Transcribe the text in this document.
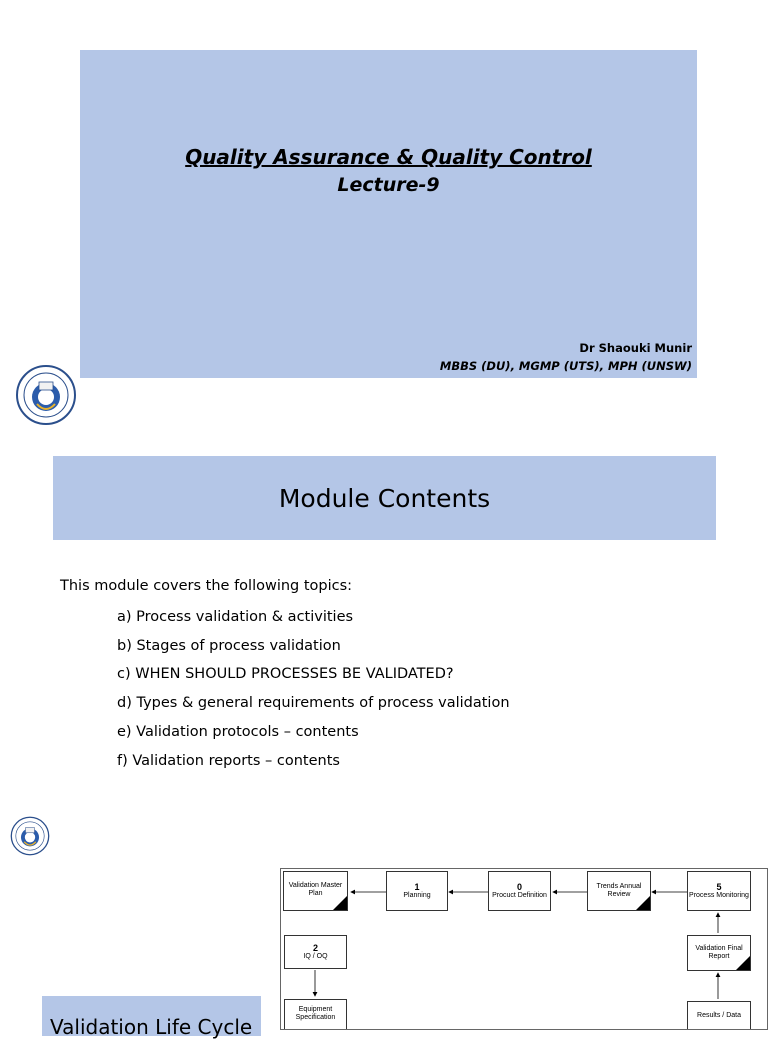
Quality Assurance & Quality Control
Lecture-9
Dr Shaouki Munir
MBBS (DU), MGMP (UTS), MPH (UNSW)
Module Contents
This module covers the following topics:
a) Process validation & activities
b) Stages of process validation
c) WHEN SHOULD PROCESSES BE VALIDATED?
d) Types & general requirements of process validation
e) Validation protocols – contents
f) Validation reports – contents
Validation Life Cycle
Validation Master Plan
1
Planning
0
Procuct Definition
Trends Annual Review
5
Process Monitoring
2
IQ / OQ
Validation Final Report
Equipment Specification	Results / Data
